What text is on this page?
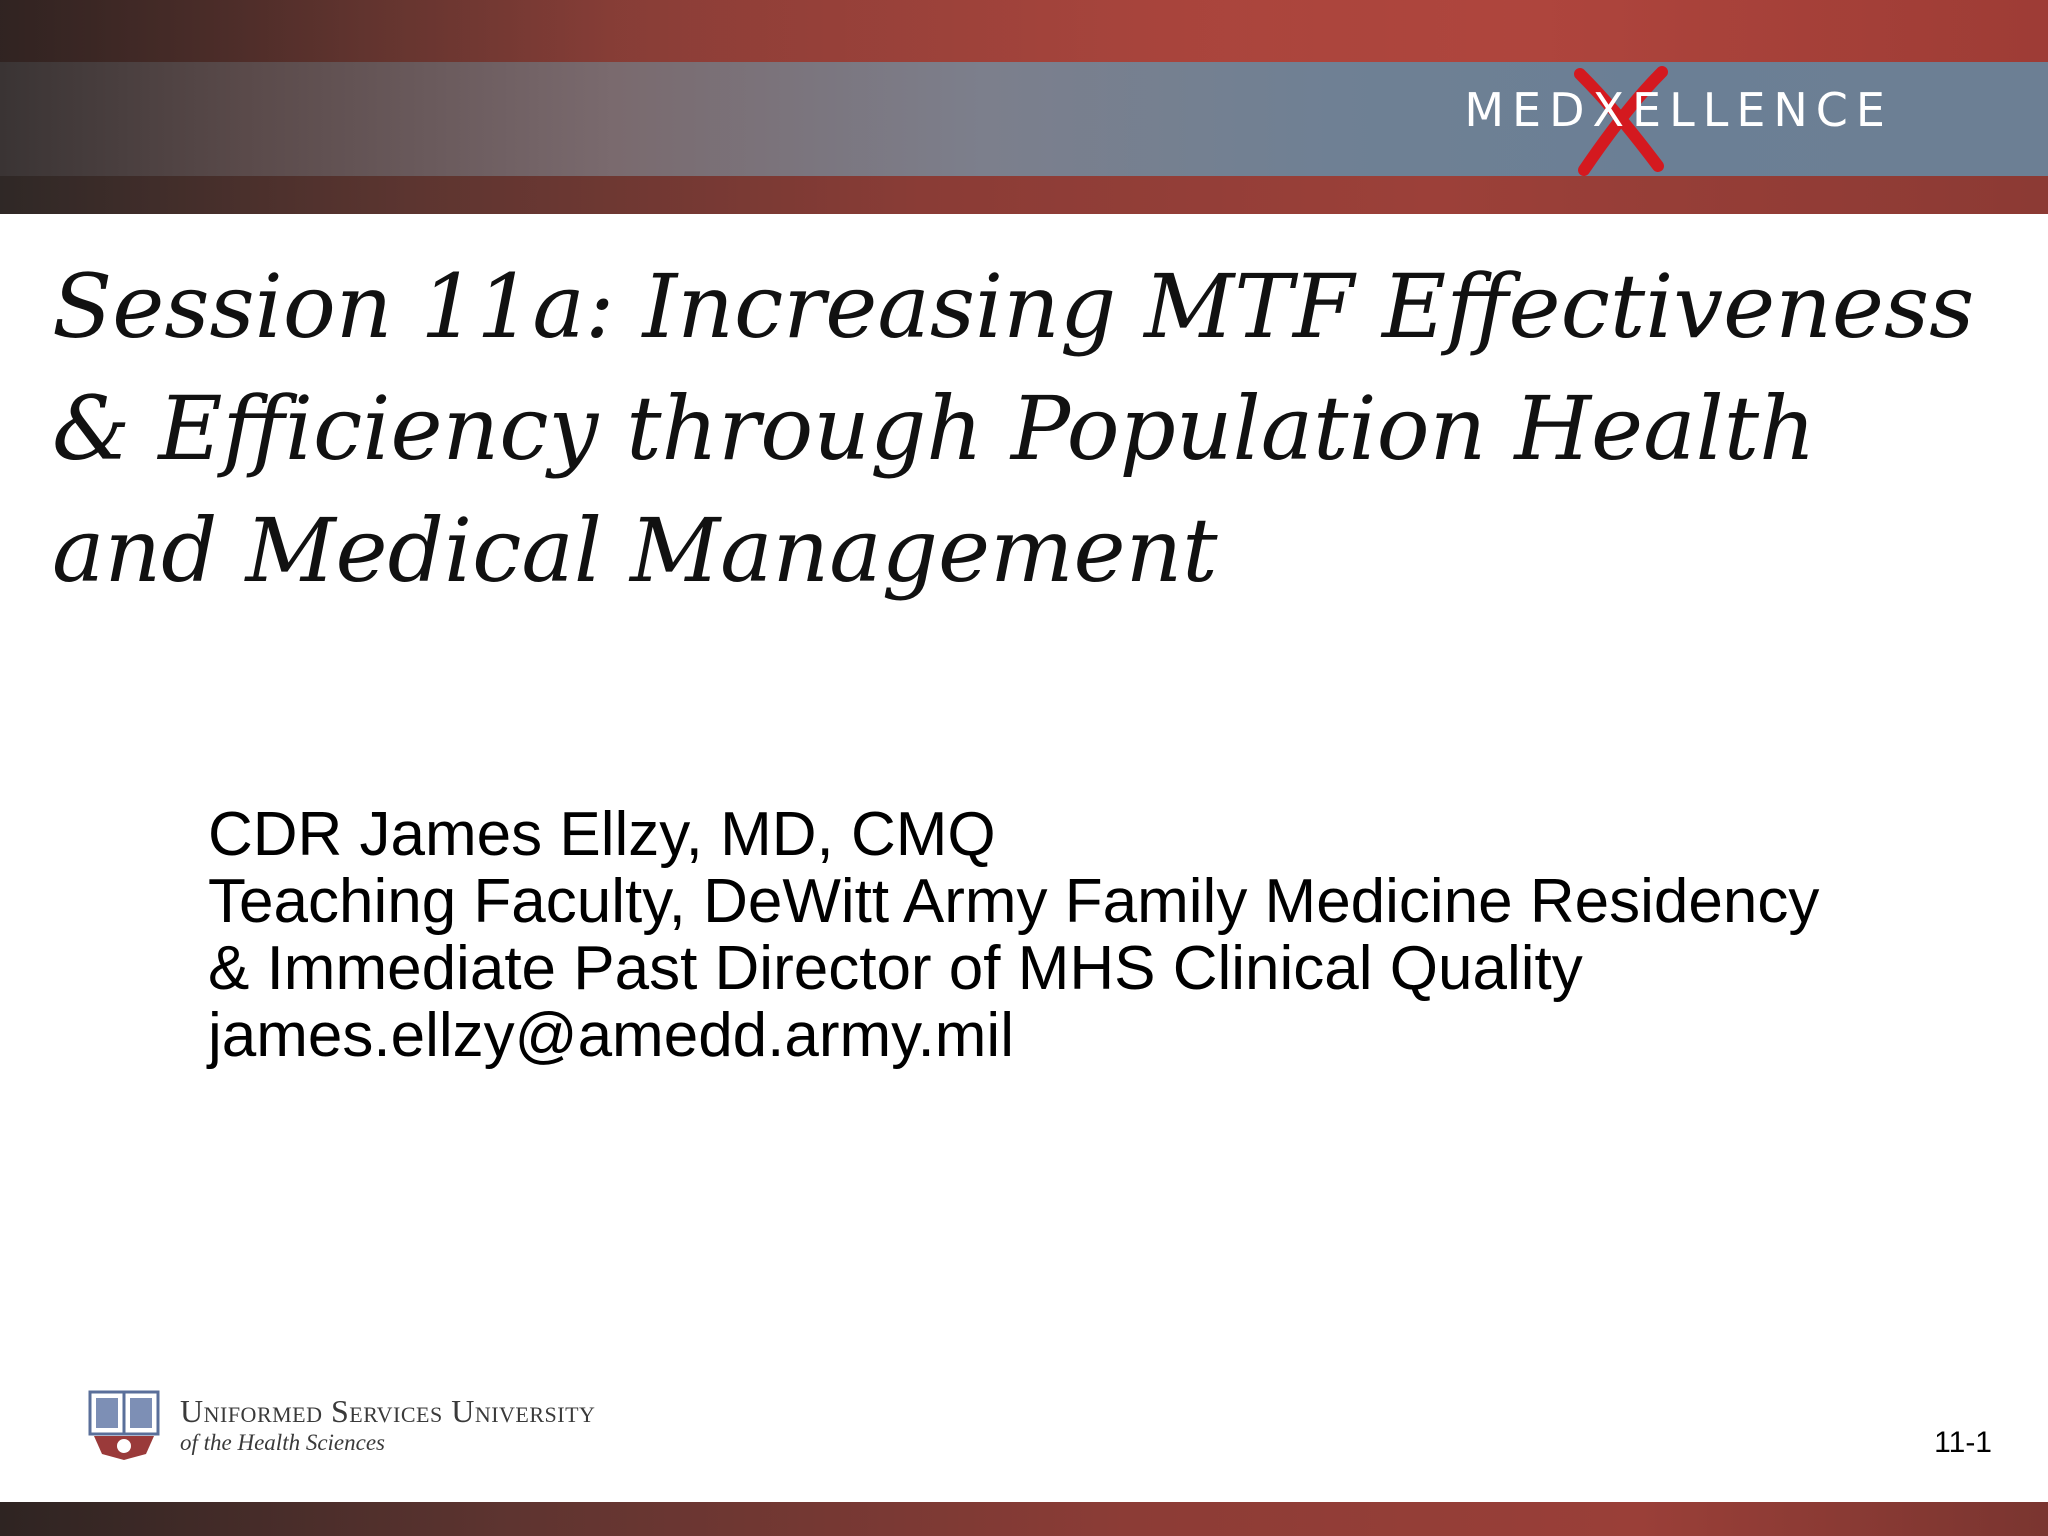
MEDXELLENCE
Session 11a: Increasing MTF Effectiveness & Efficiency through Population Health and Medical Management
CDR James Ellzy, MD, CMQ
Teaching Faculty, DeWitt Army Family Medicine Residency
& Immediate Past Director of MHS Clinical Quality
james.ellzy@amedd.army.mil
Uniformed Services University
of the Health Sciences	11-1
